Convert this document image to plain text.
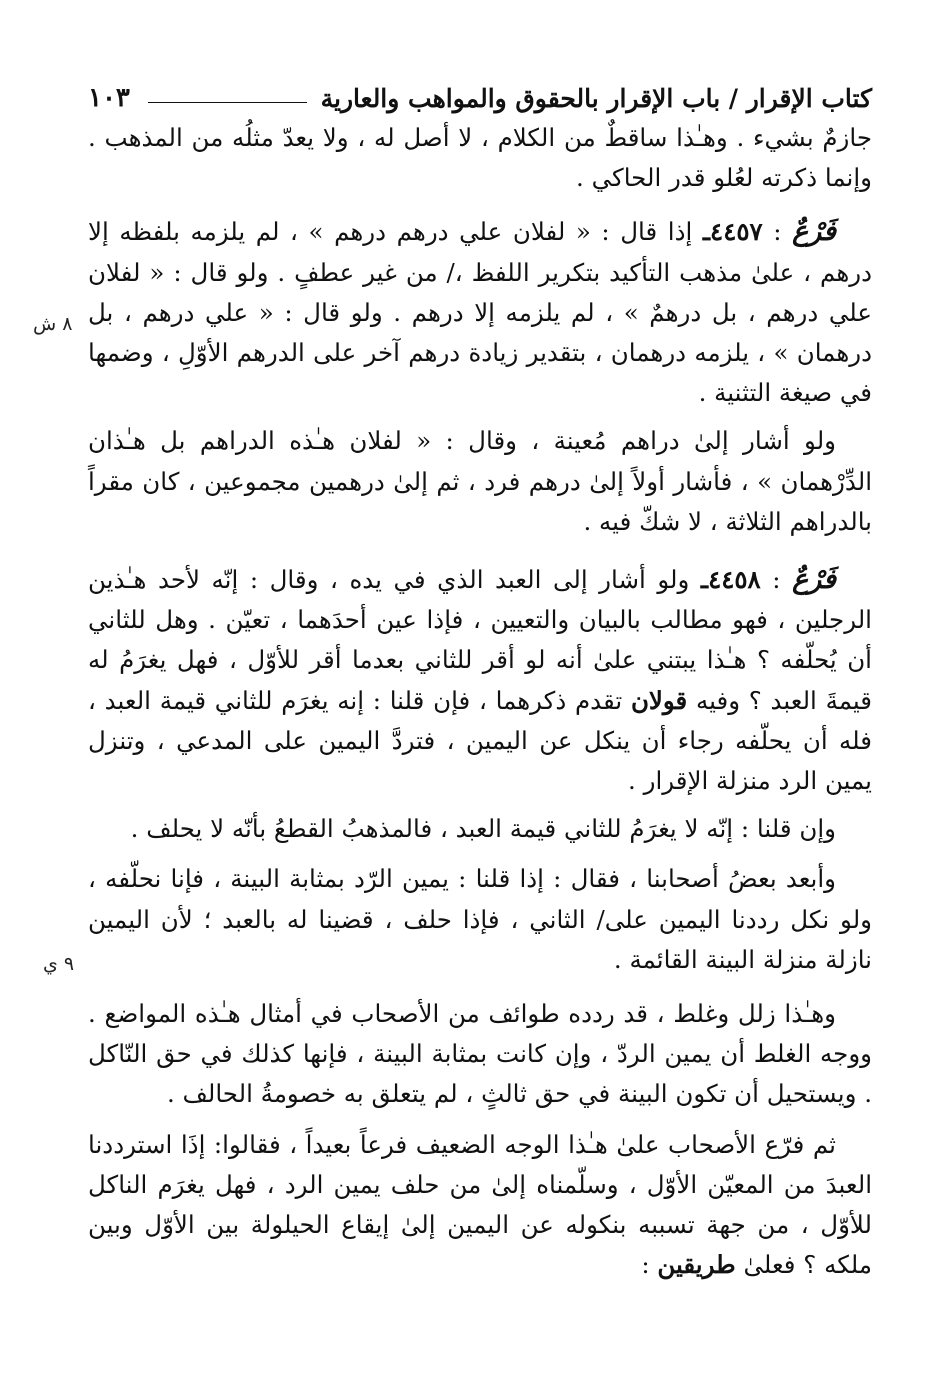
كتاب الإقرار / باب الإقرار بالحقوق والمواهب والعارية
١٠٣
٨ ش
٩ ي

جازمٌ بشيء . وهـٰذا ساقطٌ من الكلام ، لا أصل له ، ولا يعدّ مثلُه من المذهب . وإنما ذكرته لعُلو قدر الحاكي .

فَرْعٌ : ٤٤٥٧ـ إذا قال : « لفلان علي درهم درهم » ، لم يلزمه بلفظه إلا درهم ، علىٰ مذهب التأكيد بتكرير اللفظ ،/ من غير عطفٍ . ولو قال : « لفلان علي درهم ، بل درهمٌ » ، لم يلزمه إلا درهم . ولو قال : « علي درهم ، بل درهمان » ، يلزمه درهمان ، بتقدير زيادة درهم آخر على الدرهم الأوّلِ ، وضمها في صيغة التثنية .

ولو أشار إلىٰ دراهم مُعينة ، وقال : « لفلان هـٰذه الدراهم بل هـٰذان الدِّرْهمان » ، فأشار أولاً إلىٰ درهم فرد ، ثم إلىٰ درهمين مجموعين ، كان مقراً بالدراهم الثلاثة ، لا شكّ فيه .

فَرْعٌ : ٤٤٥٨ـ ولو أشار إلى العبد الذي في يده ، وقال : إنّه لأحد هـٰذين الرجلين ، فهو مطالب بالبيان والتعيين ، فإذا عين أحدَهما ، تعيّن . وهل للثاني أن يُحلّفه ؟ هـٰذا يبتني علىٰ أنه لو أقر للثاني بعدما أقر للأوّل ، فهل يغرَمُ له قيمةَ العبد ؟ وفيه قولان تقدم ذكرهما ، فإن قلنا : إنه يغرَم للثاني قيمة العبد ، فله أن يحلّفه رجاء أن ينكل عن اليمين ، فتردَّ اليمين على المدعي ، وتنزل يمين الرد منزلة الإقرار .

وإن قلنا : إنّه لا يغرَمُ للثاني قيمة العبد ، فالمذهبُ القطعُ بأنّه لا يحلف .

وأبعد بعضُ أصحابنا ، فقال : إذا قلنا : يمين الرّد بمثابة البينة ، فإنا نحلّفه ، ولو نكل رددنا اليمين على/ الثاني ، فإذا حلف ، قضينا له بالعبد ؛ لأن اليمين نازلة منزلة البينة القائمة .

وهـٰذا زلل وغلط ، قد ردده طوائف من الأصحاب في أمثال هـٰذه المواضع . ووجه الغلط أن يمين الردّ ، وإن كانت بمثابة البينة ، فإنها كذلك في حق النّاكل . ويستحيل أن تكون البينة في حق ثالثٍ ، لم يتعلق به خصومةُ الحالف .

ثم فرّع الأصحاب علىٰ هـٰذا الوجه الضعيف فرعاً بعيداً ، فقالوا: إذَا استرددنا العبدَ من المعيّن الأوّل ، وسلّمناه إلىٰ من حلف يمين الرد ، فهل يغرَم الناكل للأوّل ، من جهة تسببه بنكوله عن اليمين إلىٰ إيقاع الحيلولة بين الأوّل وبين ملكه ؟ فعلىٰ طريقين :
